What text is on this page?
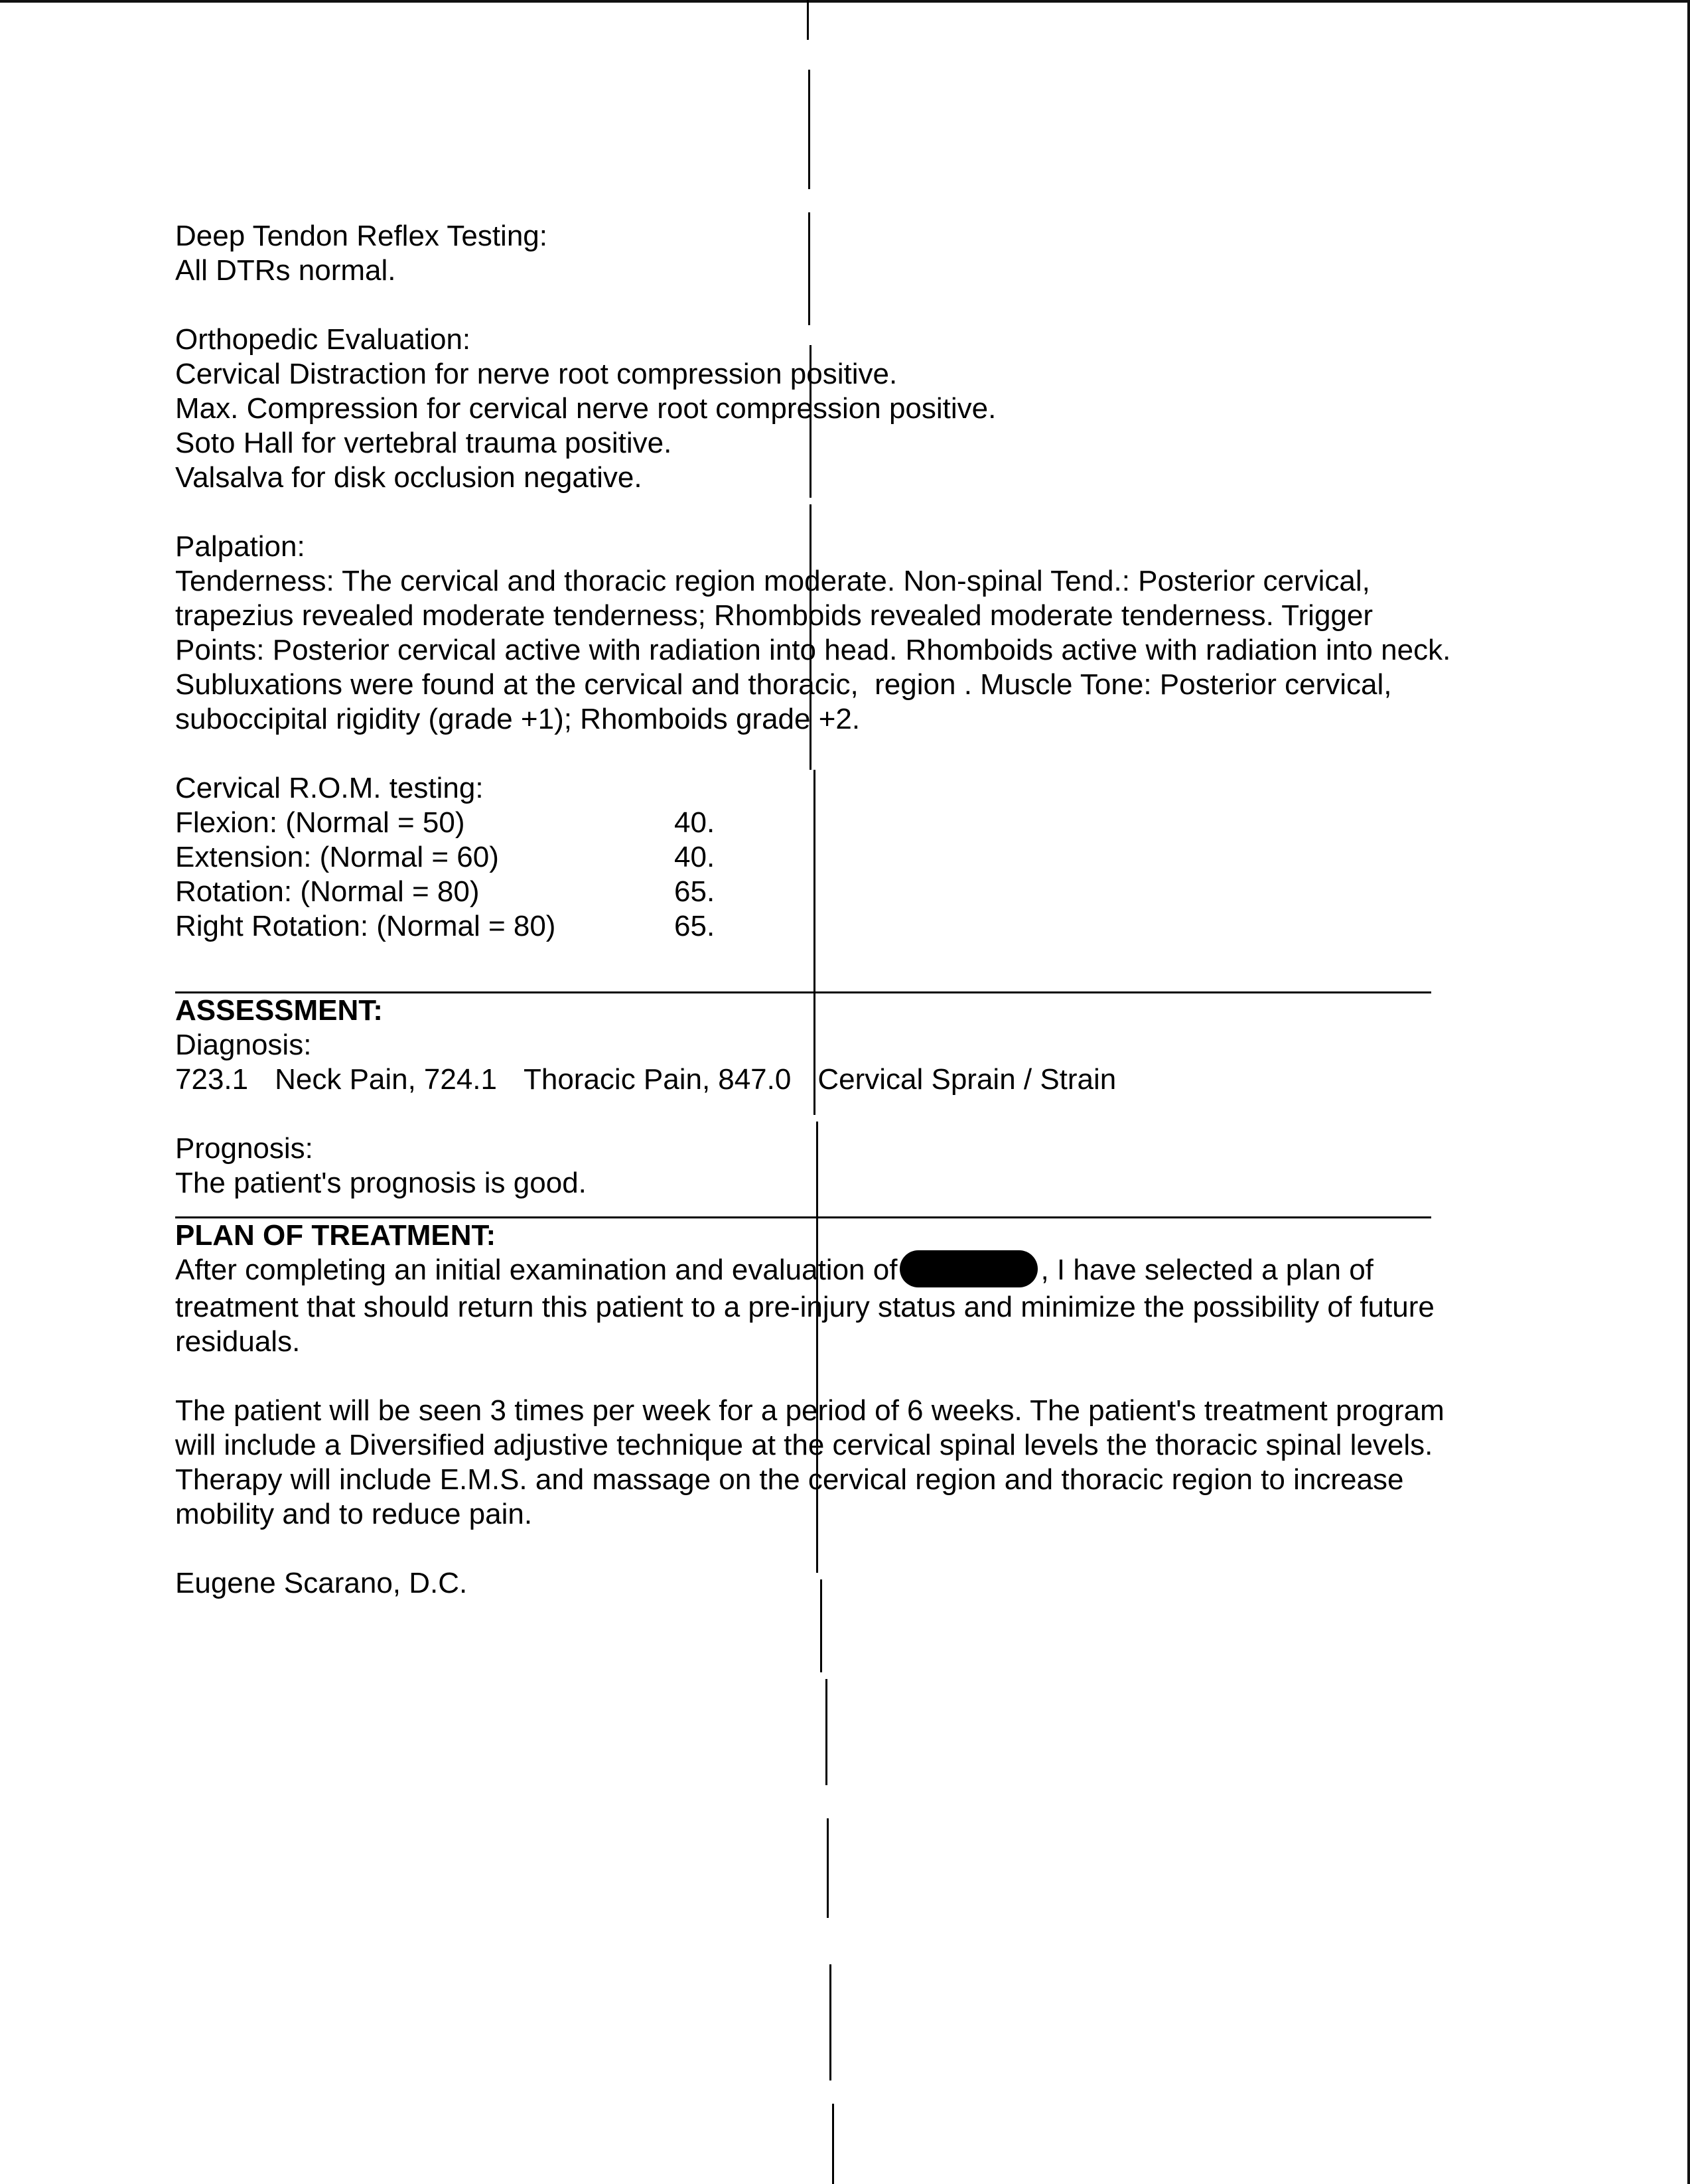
Deep Tendon Reflex Testing:

All DTRs normal.

Orthopedic Evaluation:

Cervical Distraction for nerve root compression positive.

Max. Compression for cervical nerve root compression positive.

Soto Hall for vertebral trauma positive.

Valsalva for disk occlusion negative.

Palpation:

Tenderness: The cervical and thoracic region moderate. Non-spinal Tend.: Posterior cervical,

trapezius revealed moderate tenderness; Rhomboids revealed moderate tenderness. Trigger

Points: Posterior cervical active with radiation into head. Rhomboids active with radiation into neck.

Subluxations were found at the cervical and thoracic,  region . Muscle Tone: Posterior cervical,

suboccipital rigidity (grade +1); Rhomboids grade +2.

Cervical R.O.M. testing:

Flexion: (Normal = 50)	40.
Extension: (Normal = 60)	40.
Rotation: (Normal = 80)	65.
Right Rotation: (Normal = 80)	65.

ASSESSMENT:

Diagnosis:

723.1 Neck Pain, 724.1 Thoracic Pain, 847.0 Cervical Sprain / Strain

Prognosis:

The patient's prognosis is good.

PLAN OF TREATMENT:

After completing an initial examination and evaluation of	, I have selected a plan of

treatment that should return this patient to a pre-injury status and minimize the possibility of future

residuals.

The patient will be seen 3 times per week for a period of 6 weeks. The patient's treatment program

will include a Diversified adjustive technique at the cervical spinal levels the thoracic spinal levels.

Therapy will include E.M.S. and massage on the cervical region and thoracic region to increase

mobility and to reduce pain.

Eugene Scarano, D.C.
